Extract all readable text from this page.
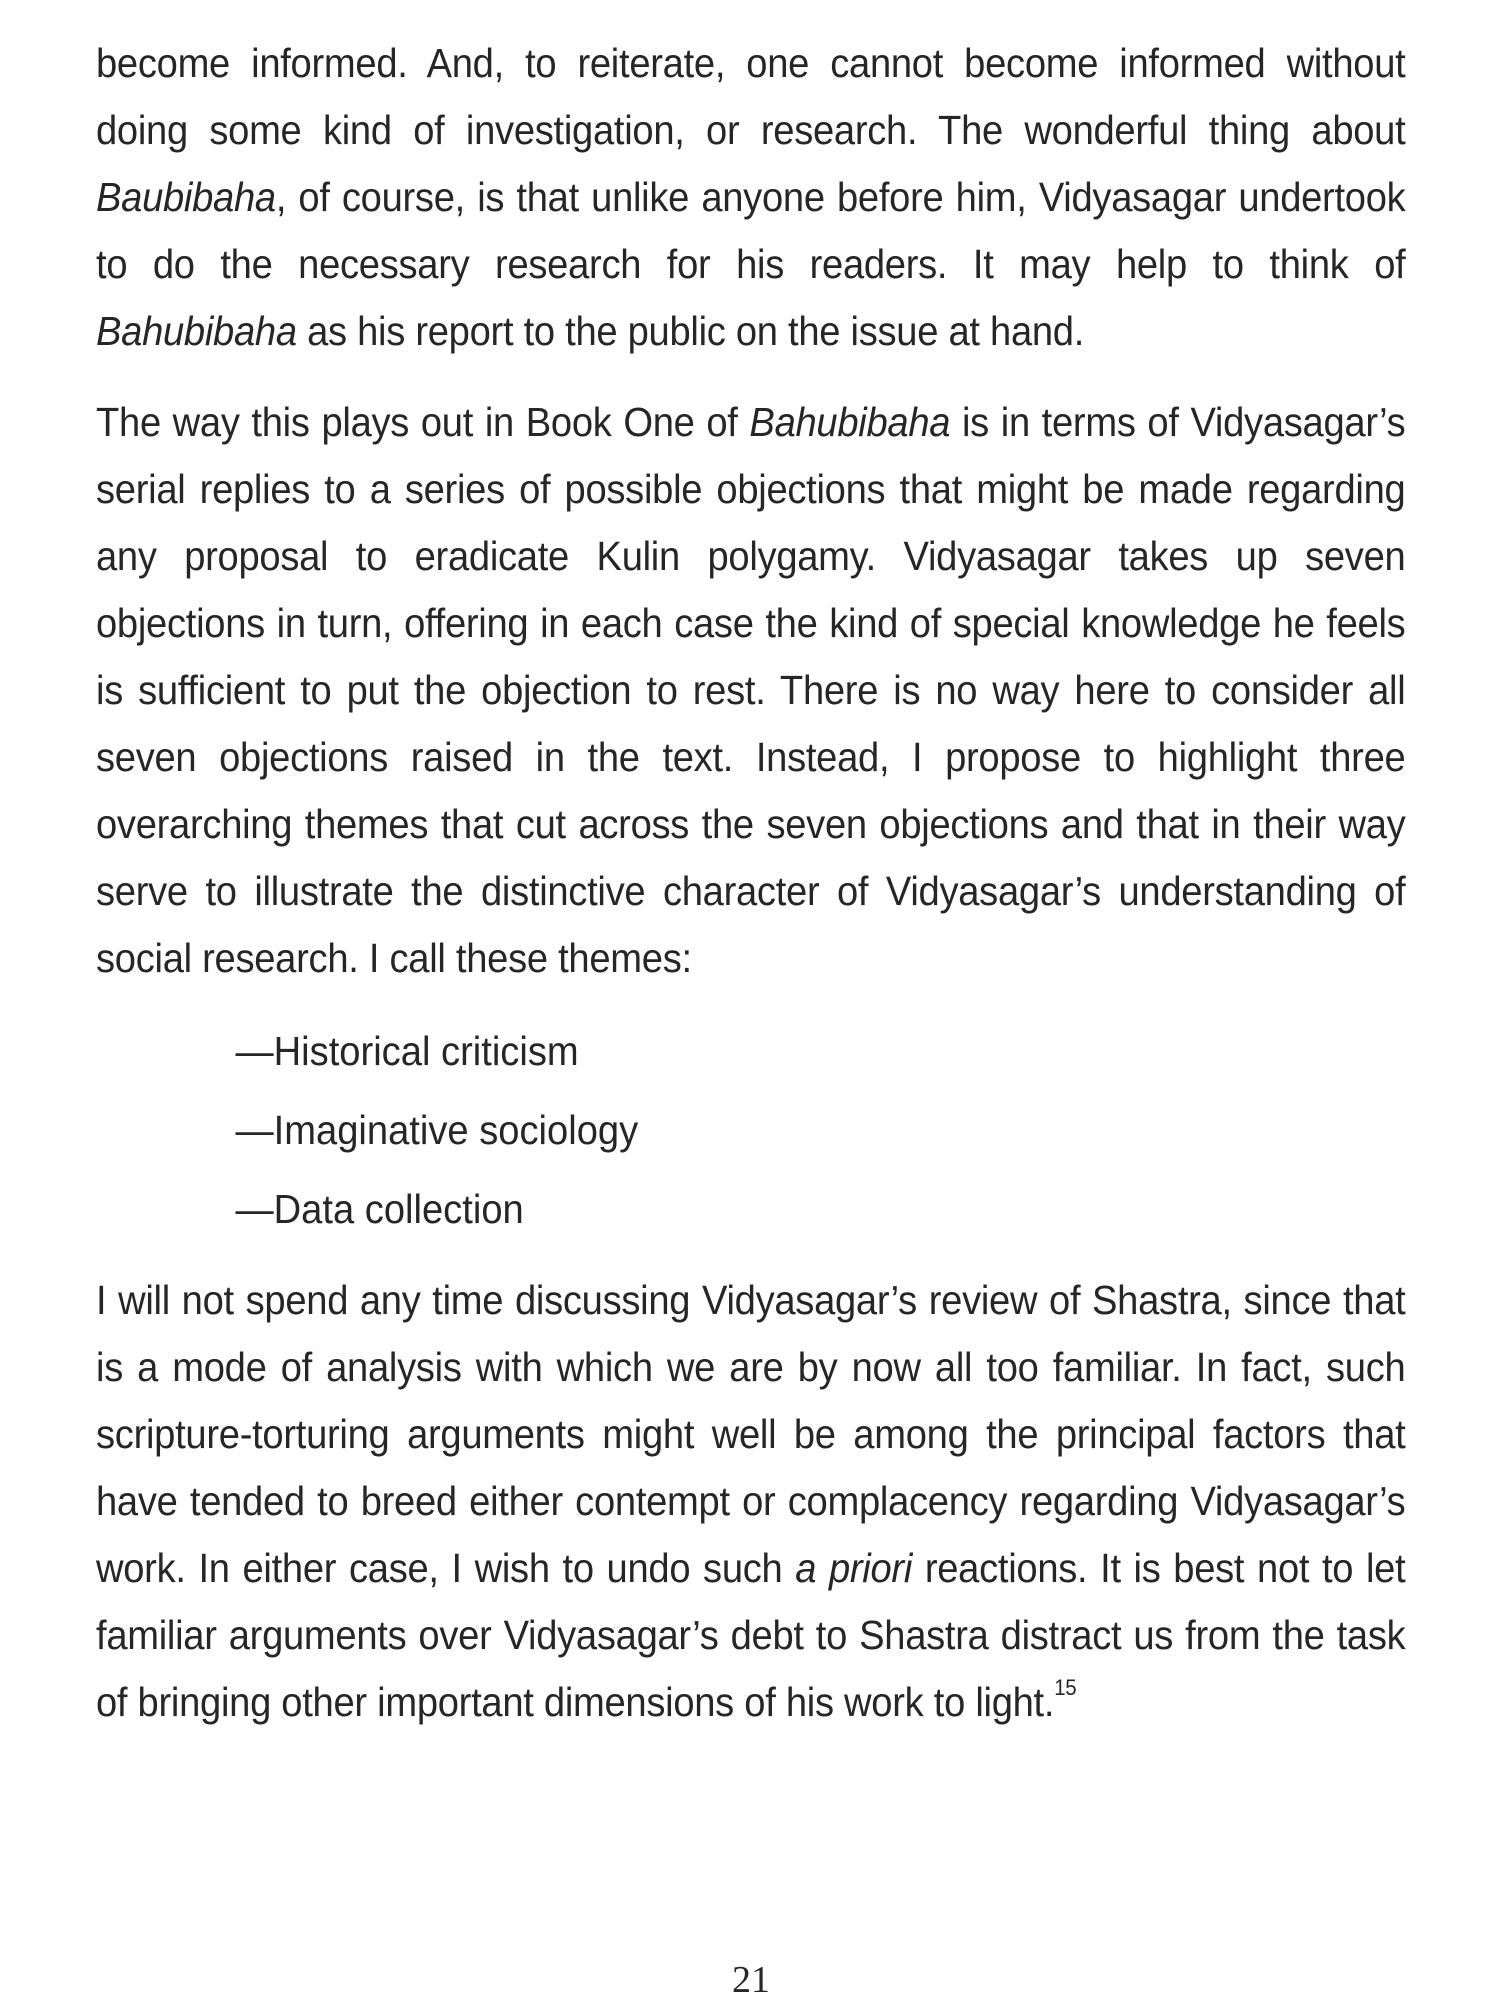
become informed. And, to reiterate, one cannot become informed without doing some kind of investigation, or research. The wonderful thing about Baubibaha, of course, is that unlike anyone before him, Vidyasagar undertook to do the necessary research for his readers. It may help to think of Bahubibaha as his report to the public on the issue at hand.

The way this plays out in Book One of Bahubibaha is in terms of Vidyasagar’s serial replies to a series of possible objections that might be made regarding any proposal to eradicate Kulin polygamy. Vidyasagar takes up seven objections in turn, offering in each case the kind of special knowledge he feels is sufficient to put the objection to rest. There is no way here to consider all seven objections raised in the text. Instead, I propose to highlight three overarching themes that cut across the seven objections and that in their way serve to illustrate the distinctive character of Vidyasagar’s understanding of social research. I call these themes:

—Historical criticism
—Imaginative sociology
—Data collection

I will not spend any time discussing Vidyasagar’s review of Shastra, since that is a mode of analysis with which we are by now all too familiar. In fact, such scripture-torturing arguments might well be among the principal factors that have tended to breed either contempt or complacency regarding Vidyasagar’s work. In either case, I wish to undo such a priori reactions. It is best not to let familiar arguments over Vidyasagar’s debt to Shastra distract us from the task of bringing other important dimensions of his work to light.$^{15}$

21
